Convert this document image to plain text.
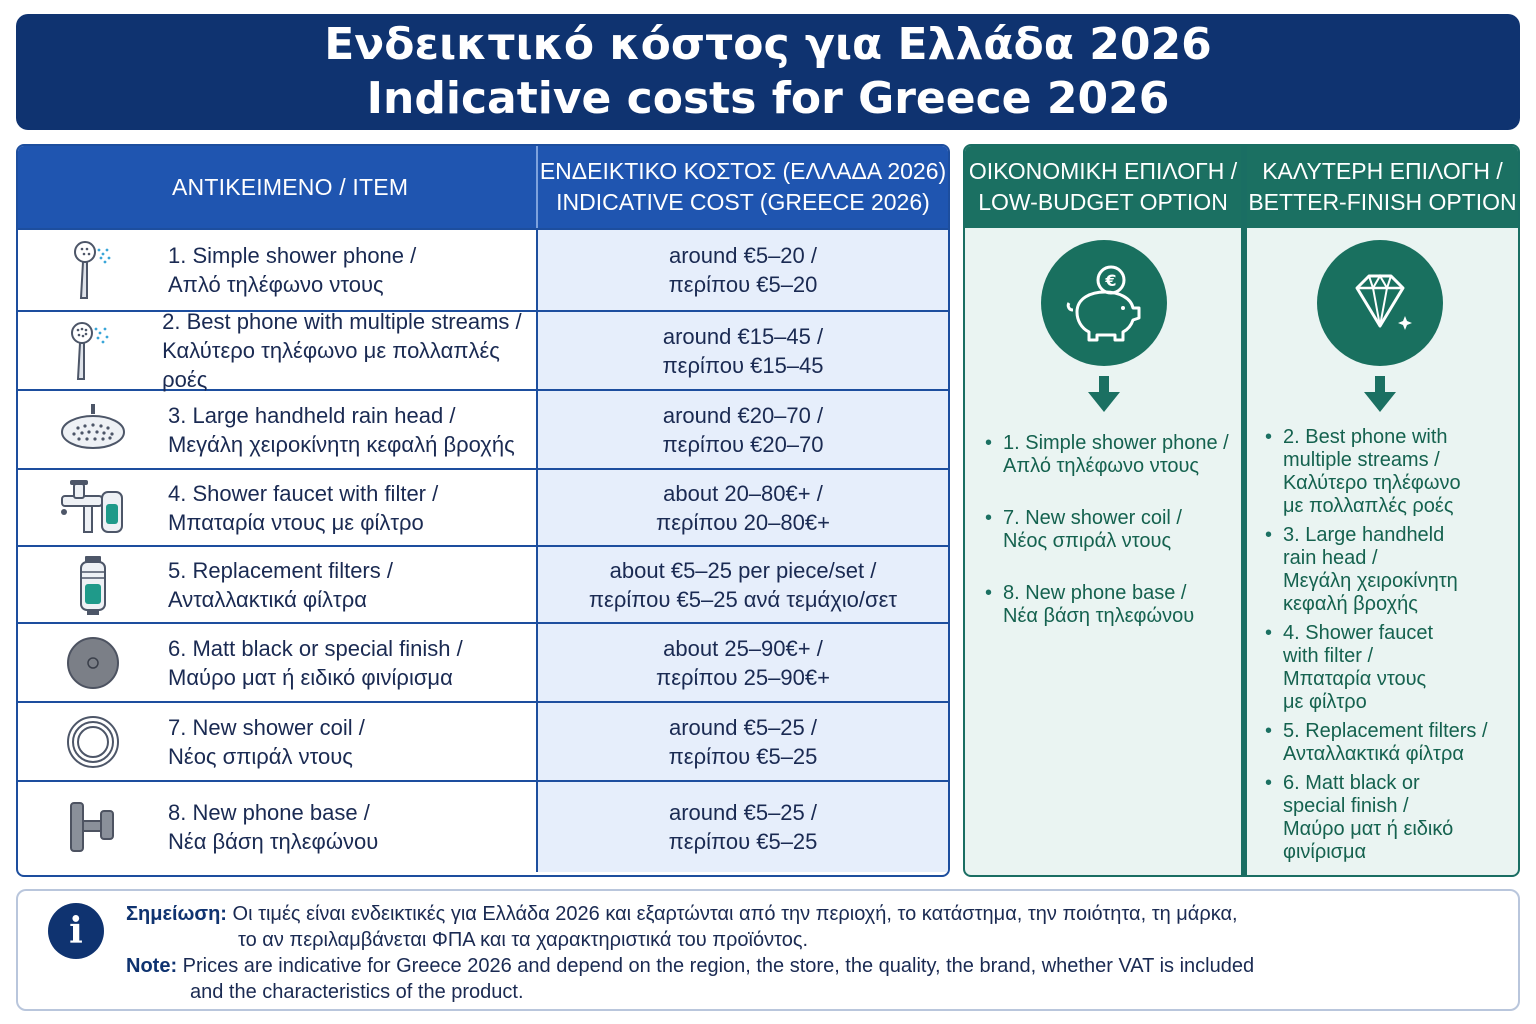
Ενδεικτικό κόστος για Ελλάδα 2026
Indicative costs for Greece 2026
ΑΝΤΙΚΕΙΜΕΝΟ / ITEM
ΕΝΔΕΙΚΤΙΚΟ ΚΟΣΤΟΣ (ΕΛΛΑΔΑ 2026)
INDICATIVE COST (GREECE 2026)
1. Simple shower phone /
Απλό τηλέφωνο ντους
around €5–20 /
περίπου €5–20
2. Best phone with multiple streams /
Καλύτερο τηλέφωνο με πολλαπλές ροές
around €15–45 /
περίπου €15–45
3. Large handheld rain head /
Μεγάλη χειροκίνητη κεφαλή βροχής
around €20–70 /
περίπου €20–70
4. Shower faucet with filter /
Μπαταρία ντους με φίλτρο
about 20–80€+ /
περίπου 20–80€+
5. Replacement filters /
Ανταλλακτικά φίλτρα
about €5–25 per piece/set /
περίπου €5–25 ανά τεμάχιο/σετ
6. Matt black or special finish /
Μαύρο ματ ή ειδικό φινίρισμα
about 25–90€+ /
περίπου 25–90€+
7. New shower coil /
Νέος σπιράλ ντους
around €5–25 /
περίπου €5–25
8. New phone base /
Νέα βάση τηλεφώνου
around €5–25 /
περίπου €5–25
ΟΙΚΟΝΟΜΙΚΗ ΕΠΙΛΟΓΗ /
LOW-BUDGET OPTION
€
• 1. Simple shower phone /
Απλό τηλέφωνο ντους
• 7. New shower coil /
Νέος σπιράλ ντους
• 8. New phone base /
Νέα βάση τηλεφώνου
ΚΑΛΥΤΕΡΗ ΕΠΙΛΟΓΗ /
BETTER-FINISH OPTION
• 2. Best phone with
multiple streams /
Καλύτερο τηλέφωνο
με πολλαπλές ροές
• 3. Large handheld
rain head /
Μεγάλη χειροκίνητη
κεφαλή βροχής
• 4. Shower faucet
with filter /
Μπαταρία ντους
με φίλτρο
• 5. Replacement filters /
Ανταλλακτικά φίλτρα
• 6. Matt black or
special finish /
Μαύρο ματ ή ειδικό
φινίρισμα
i	Σημείωση: Οι τιμές είναι ενδεικτικές για Ελλάδα 2026 και εξαρτώνται από την περιοχή, το κατάστημα, την ποιότητα, τη μάρκα,
το αν περιλαμβάνεται ΦΠΑ και τα χαρακτηριστικά του προϊόντος.
Note: Prices are indicative for Greece 2026 and depend on the region, the store, the quality, the brand, whether VAT is included
and the characteristics of the product.
